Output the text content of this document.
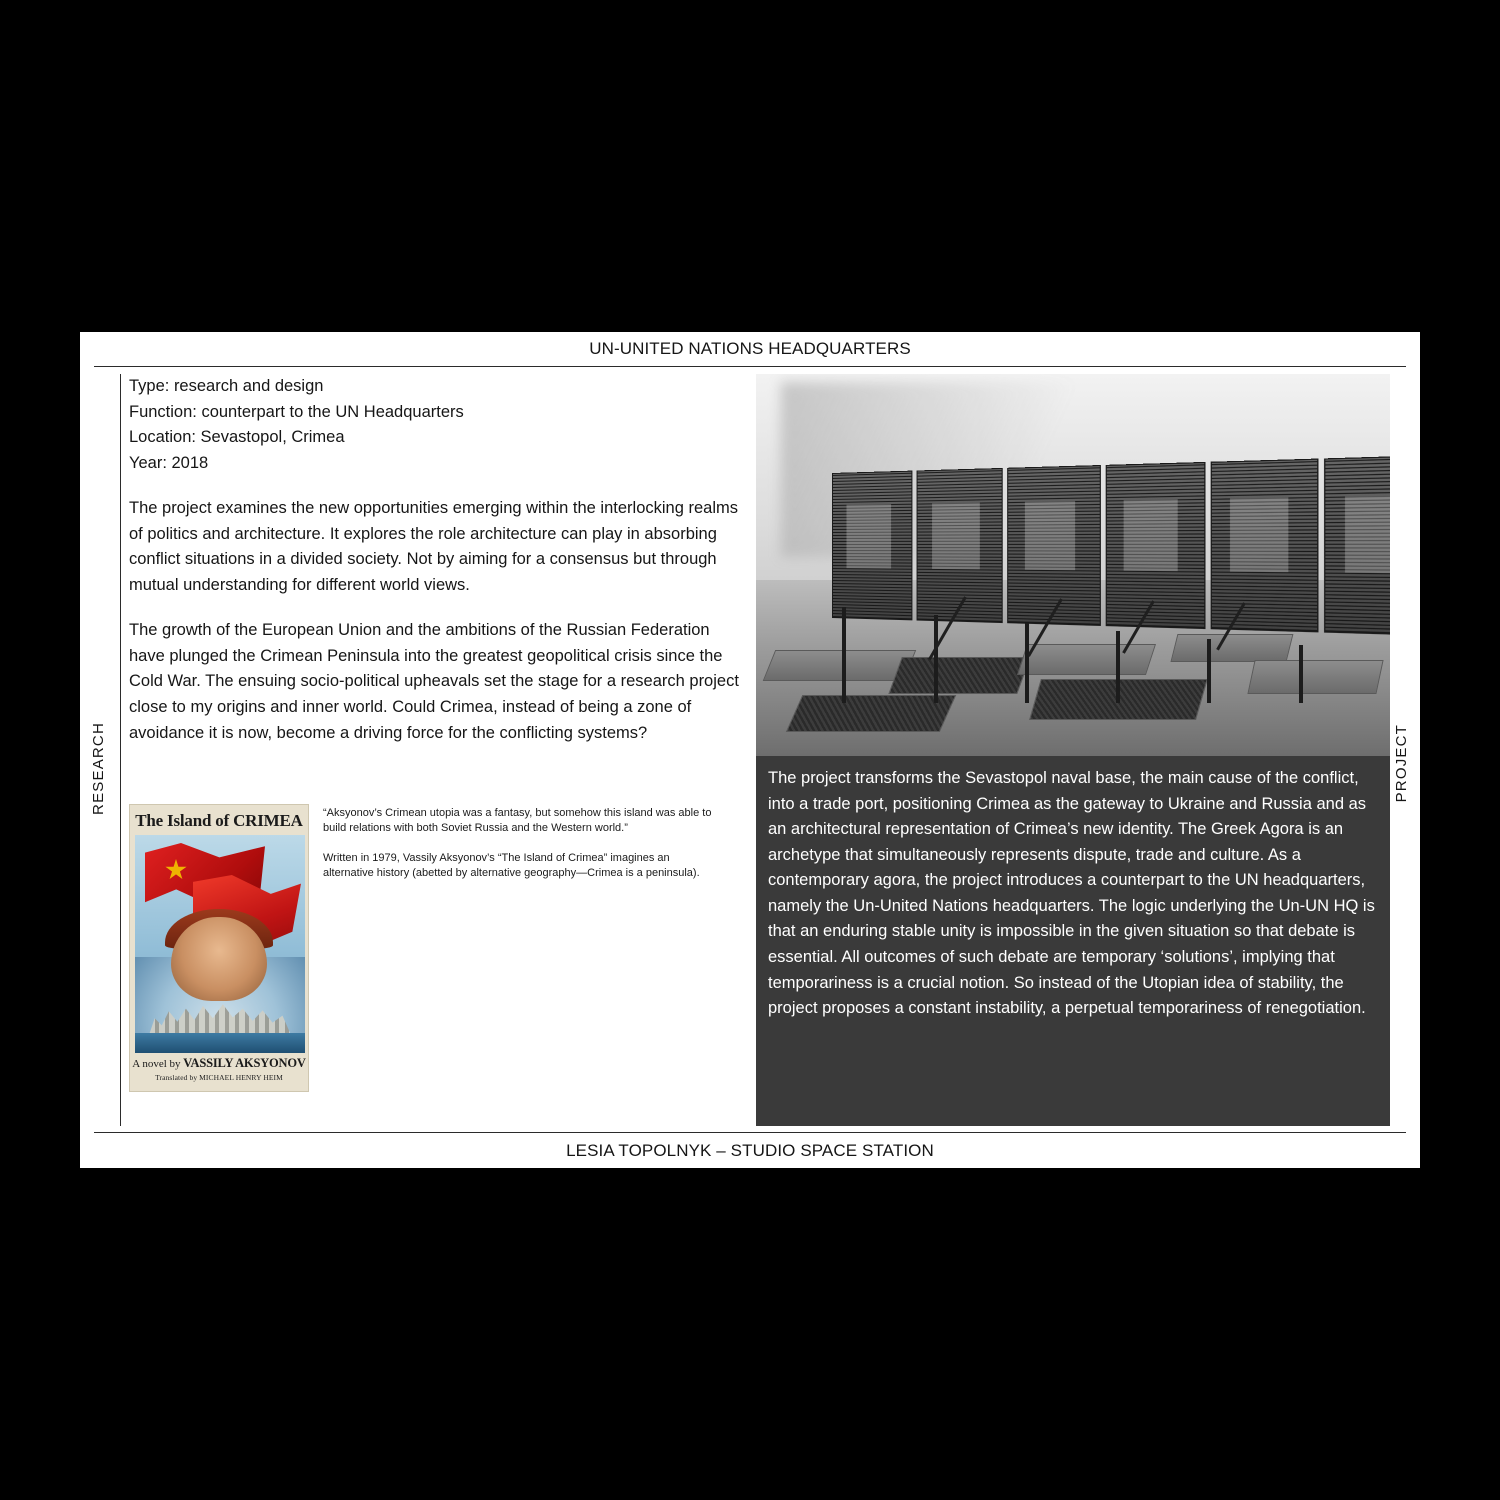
UN-UNITED NATIONS HEADQUARTERS
RESEARCH	PROJECT
Type: research and design
Function: counterpart to the UN Headquarters
Location: Sevastopol, Crimea
Year: 2018
The project examines the new opportunities emerging within the interlocking realms of politics and architecture. It explores the role architecture can play in absorbing conflict situations in a divided society. Not by aiming for a consensus but through mutual understanding for different world views.
The growth of the European Union and the ambitions of the Russian Federation have plunged the Crimean Peninsula into the greatest geopolitical crisis since the Cold War. The ensuing socio-political upheavals set the stage for a research project close to my origins and inner world. Could Crimea, instead of being a zone of avoidance it is now, become a driving force for the conflicting systems?
The Island of CRIMEA
A novel by VASSILY AKSYONOV
Translated by MICHAEL HENRY HEIM
“Aksyonov’s Crimean utopia was a fantasy, but somehow this island was able to build relations with both Soviet Russia and the Western world.”
Written in 1979, Vassily Aksyonov’s “The Island of Crimea” imagines an alternative history (abetted by alternative geography—Crimea is a peninsula).
The project transforms the Sevastopol naval base, the main cause of the conflict, into a trade port, positioning Crimea as the gateway to Ukraine and Russia and as an architectural representation of Crimea’s new identity. The Greek Agora is an archetype that simultaneously represents dispute, trade and culture. As a contemporary agora, the project introduces a counterpart to the UN headquarters, namely the Un-United Nations headquarters. The logic underlying the Un-UN HQ is that an enduring stable unity is impossible in the given situation so that debate is essential. All outcomes of such debate are temporary ‘solutions’, implying that temporariness is a crucial notion. So instead of the Utopian idea of stability, the project proposes a constant instability, a perpetual temporariness of renegotiation.
LESIA TOPOLNYK – STUDIO SPACE STATION
